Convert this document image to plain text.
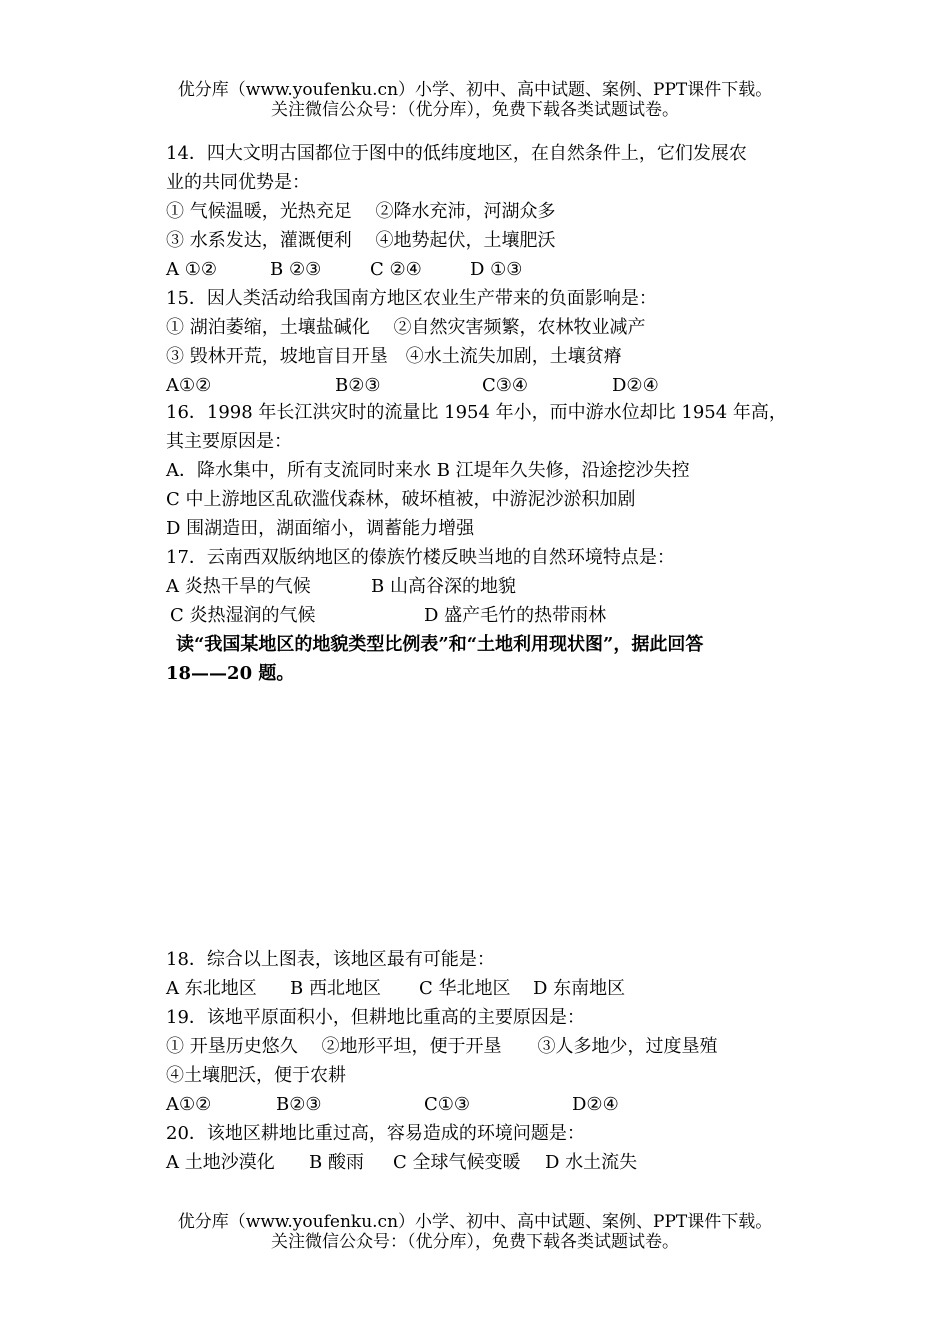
优分库（www.youfenku.cn）小学、初中、高中试题、案例、PPT课件下载。
关注微信公众号：（优分库），免费下载各类试题试卷。
14．四大文明古国都位于图中的低纬度地区，在自然条件上，它们发展农
业的共同优势是：
① 气候温暖，光热充足　 ②降水充沛，河湖众多
③ 水系发达，灌溉便利　 ④地势起伏，土壤肥沃
A ①②	B ②③	C ②④	D ①③
15．因人类活动给我国南方地区农业生产带来的负面影响是：
① 湖泊萎缩，土壤盐碱化　 ②自然灾害频繁，农林牧业减产
③ 毁林开荒，坡地盲目开垦　④水土流失加剧，土壤贫瘠
A①②	B②③	C③④	D②④
16．1998 年长江洪灾时的流量比 1954 年小，而中游水位却比 1954 年高，
其主要原因是：
A．降水集中，所有支流同时来水 B 江堤年久失修，沿途挖沙失控
C 中上游地区乱砍滥伐森林，破坏植被，中游泥沙淤积加剧
D 围湖造田，湖面缩小，调蓄能力增强
17．云南西双版纳地区的傣族竹楼反映当地的自然环境特点是：
A 炎热干旱的气候	B 山高谷深的地貌
C 炎热湿润的气候	D 盛产毛竹的热带雨林
读“我国某地区的地貌类型比例表”和“土地利用现状图”，据此回答
18——20 题。
18．综合以上图表，该地区最有可能是：
A 东北地区 B 西北地区 C 华北地区 D 东南地区
19．该地平原面积小，但耕地比重高的主要原因是：
① 开垦历史悠久　 ②地形平坦，便于开垦　　③人多地少，过度垦殖
④土壤肥沃，便于农耕
A①②	B②③	C①③	D②④
20．该地区耕地比重过高，容易造成的环境问题是：
A 土地沙漠化 B 酸雨 C 全球气候变暖 D 水土流失
优分库（www.youfenku.cn）小学、初中、高中试题、案例、PPT课件下载。
关注微信公众号：（优分库），免费下载各类试题试卷。
